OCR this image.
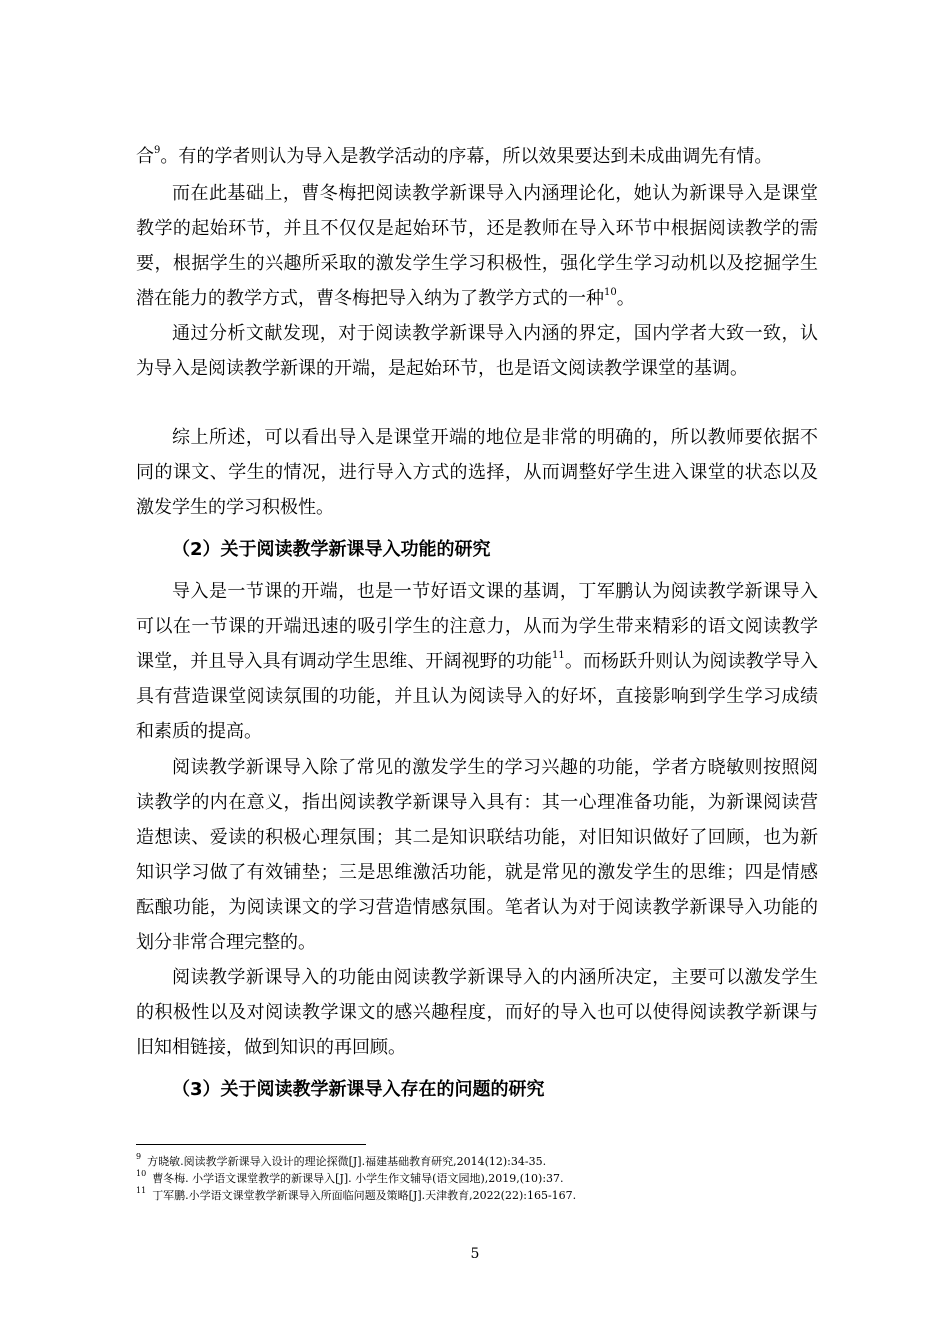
合$^9$。有的学者则认为导入是教学活动的序幕，所以效果要达到未成曲调先有情。

而在此基础上，曹冬梅把阅读教学新课导入内涵理论化，她认为新课导入是课堂教学的起始环节，并且不仅仅是起始环节，还是教师在导入环节中根据阅读教学的需要，根据学生的兴趣所采取的激发学生学习积极性，强化学生学习动机以及挖掘学生潜在能力的教学方式，曹冬梅把导入纳为了教学方式的一种$^{10}$。

通过分析文献发现，对于阅读教学新课导入内涵的界定，国内学者大致一致，认为导入是阅读教学新课的开端，是起始环节，也是语文阅读教学课堂的基调。

综上所述，可以看出导入是课堂开端的地位是非常的明确的，所以教师要依据不同的课文、学生的情况，进行导入方式的选择，从而调整好学生进入课堂的状态以及激发学生的学习积极性。

（2）关于阅读教学新课导入功能的研究

导入是一节课的开端，也是一节好语文课的基调，丁军鹏认为阅读教学新课导入可以在一节课的开端迅速的吸引学生的注意力，从而为学生带来精彩的语文阅读教学课堂，并且导入具有调动学生思维、开阔视野的功能$^{11}$。而杨跃升则认为阅读教学导入具有营造课堂阅读氛围的功能，并且认为阅读导入的好坏，直接影响到学生学习成绩和素质的提高。

阅读教学新课导入除了常见的激发学生的学习兴趣的功能，学者方晓敏则按照阅读教学的内在意义，指出阅读教学新课导入具有：其一心理准备功能，为新课阅读营造想读、爱读的积极心理氛围；其二是知识联结功能，对旧知识做好了回顾，也为新知识学习做了有效铺垫；三是思维激活功能，就是常见的激发学生的思维；四是情感酝酿功能，为阅读课文的学习营造情感氛围。笔者认为对于阅读教学新课导入功能的划分非常合理完整的。

阅读教学新课导入的功能由阅读教学新课导入的内涵所决定，主要可以激发学生的积极性以及对阅读教学课文的感兴趣程度，而好的导入也可以使得阅读教学新课与旧知相链接，做到知识的再回顾。

（3）关于阅读教学新课导入存在的问题的研究

$^9$ 方晓敏.阅读教学新课导入设计的理论探微[J].福建基础教育研究,2014(12):34-35.

$^{10}$ 曹冬梅. 小学语文课堂教学的新课导入[J]. 小学生作文辅导(语文园地),2019,(10):37.

$^{11}$ 丁军鹏.小学语文课堂教学新课导入所面临问题及策略[J].天津教育,2022(22):165-167.

5
